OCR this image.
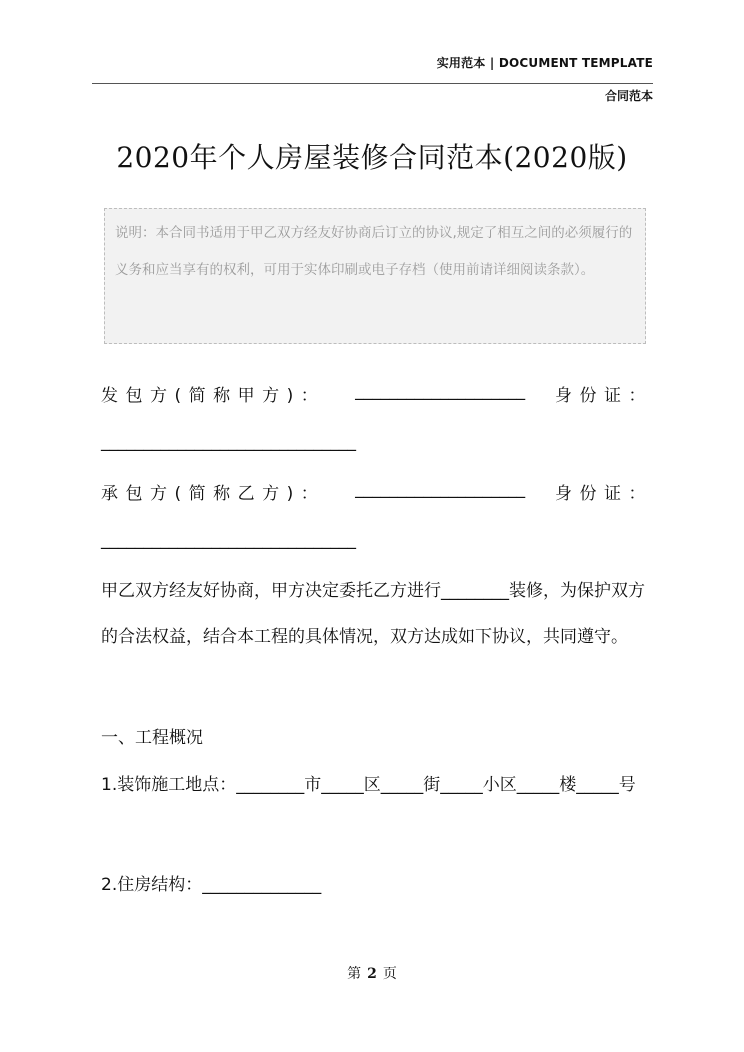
实用范本 | DOCUMENT TEMPLATE
合同范本
2020年个人房屋装修合同范本(2020版)
说明：本合同书适用于甲乙双方经友好协商后订立的协议,规定了相互之间的必须履行的义务和应当享有的权利，可用于实体印刷或电子存档（使用前请详细阅读条款）。
发包方(简称甲方)： ____________________ 身份证：
______________________________
承包方(简称乙方)： ____________________ 身份证：
______________________________
甲乙双方经友好协商，甲方决定委托乙方进行________装修，为保护双方的合法权益，结合本工程的具体情况，双方达成如下协议，共同遵守。
一、工程概况
1.装饰施工地点：________市_____区_____街_____小区_____楼_____号
2.住房结构：______________
第 2 页
